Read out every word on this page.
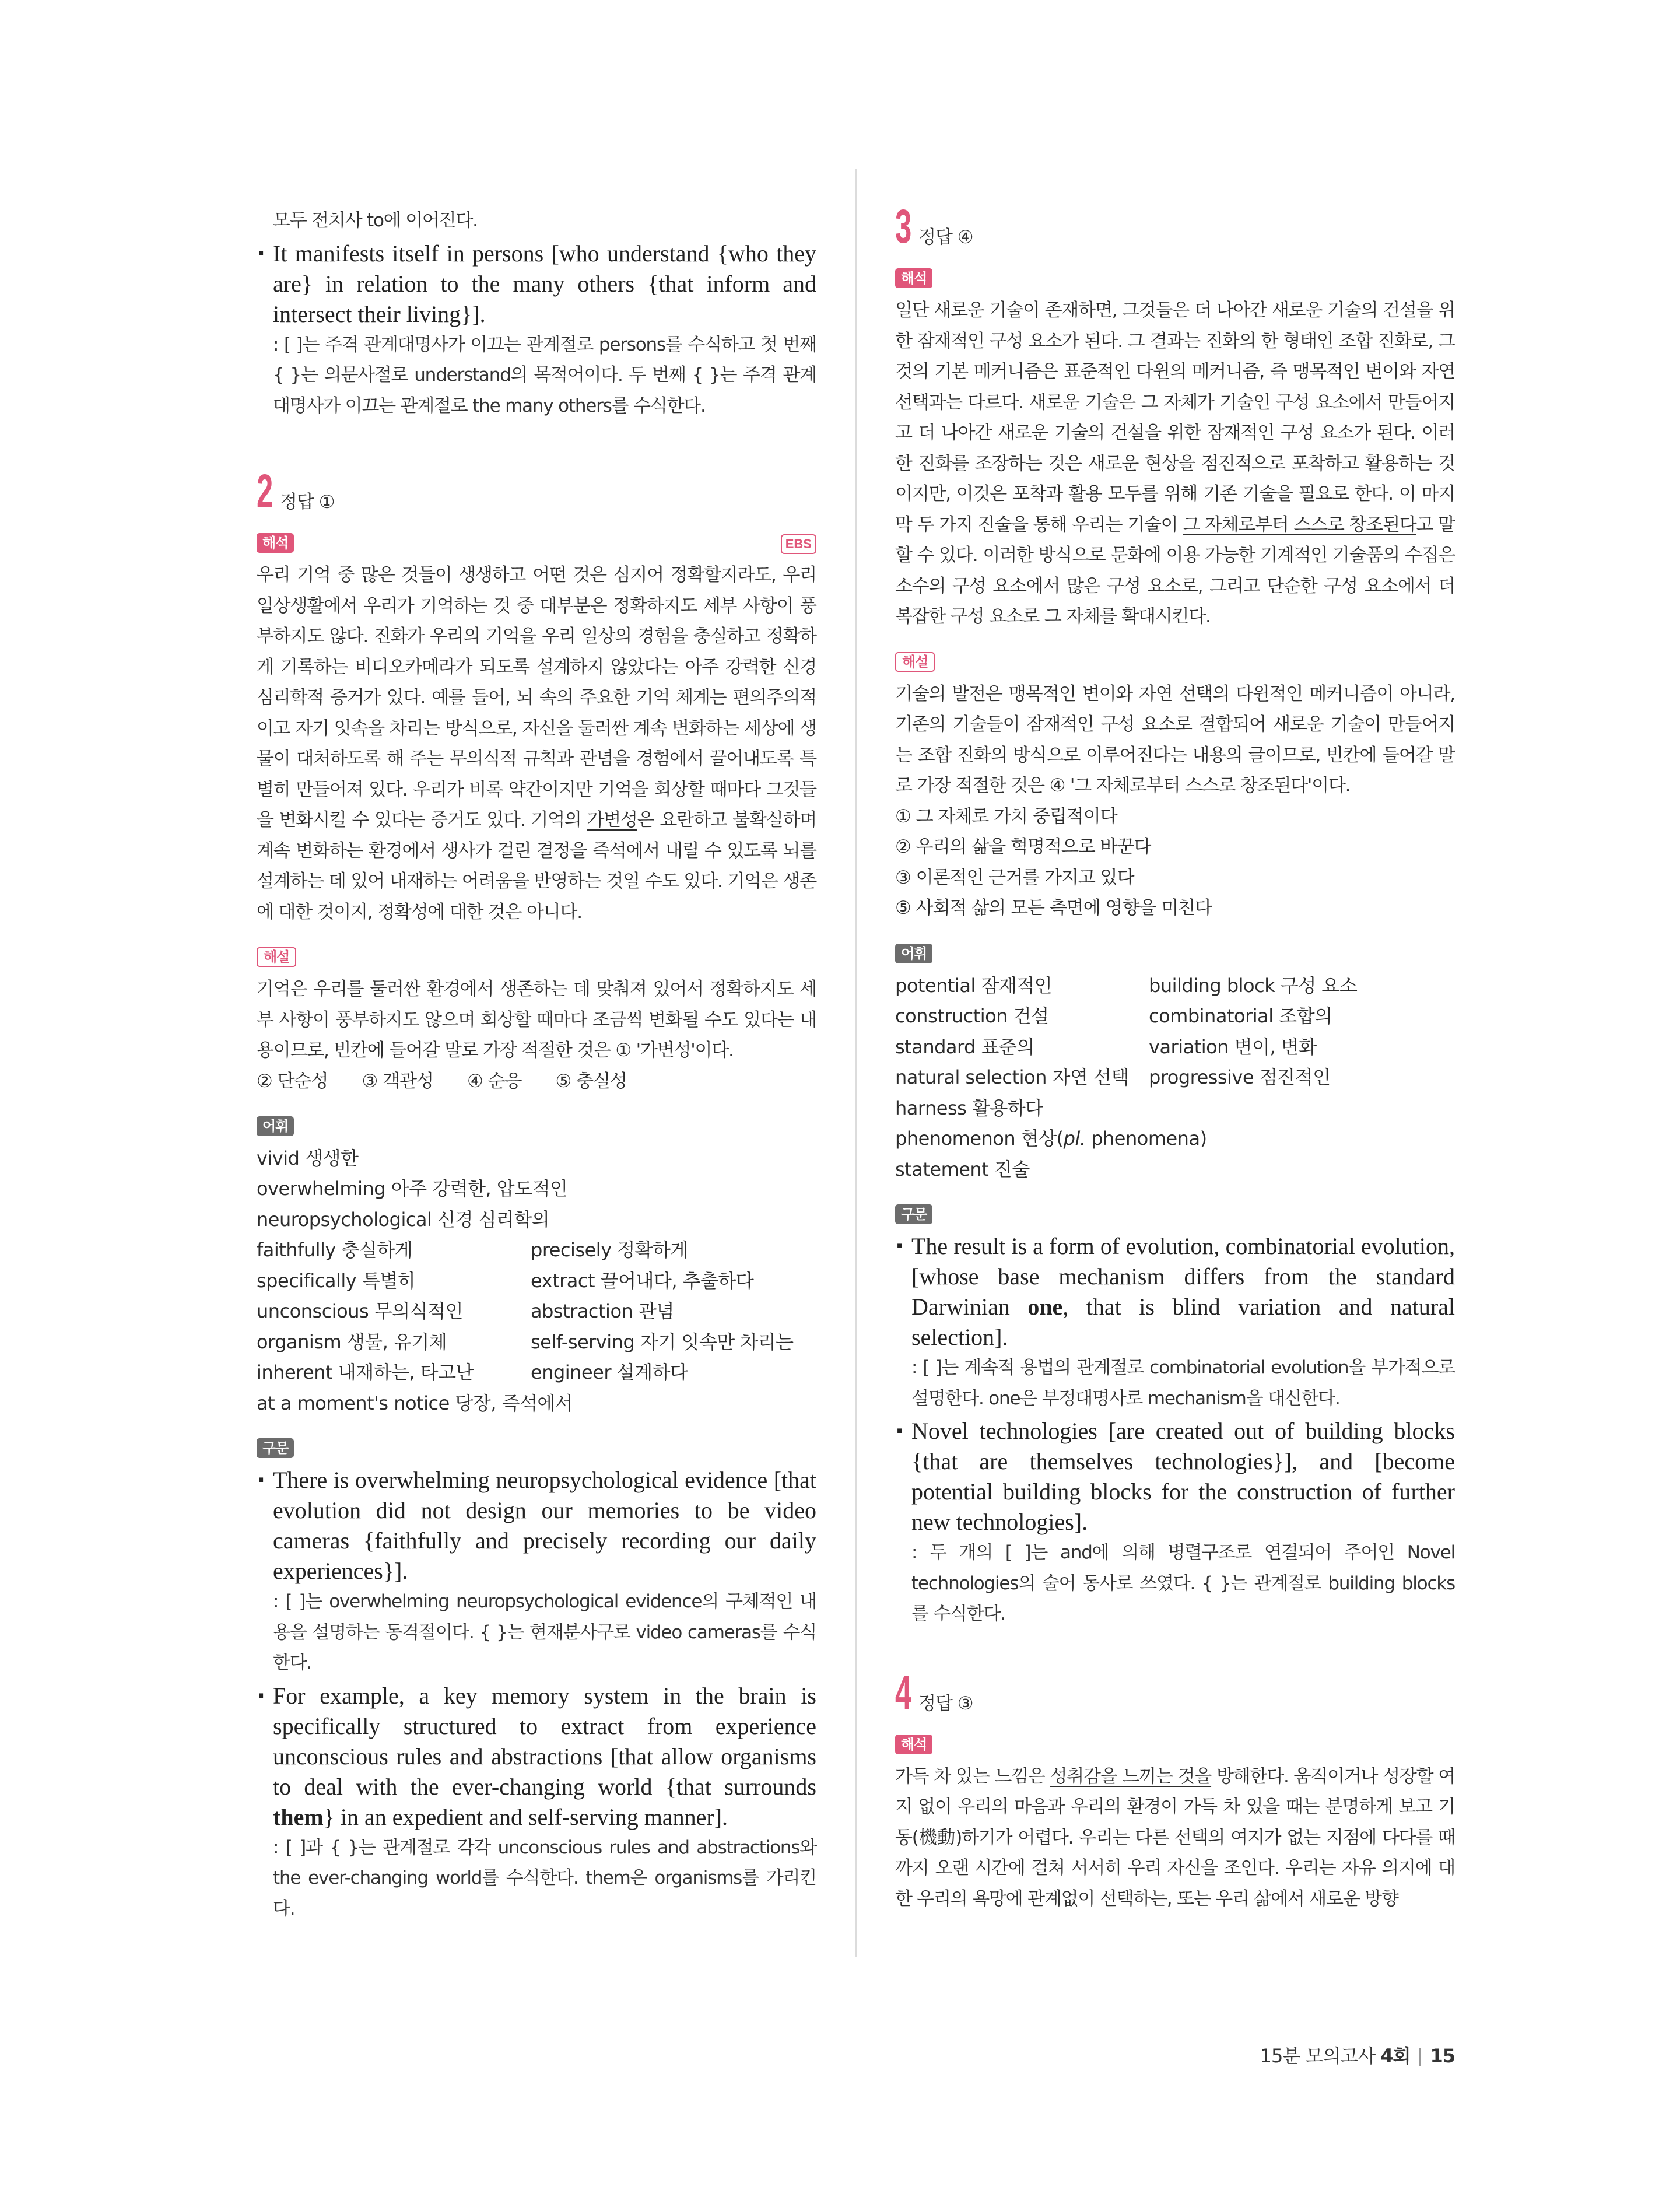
모두 전치사 to에 이어진다.
· It manifests itself in persons [who understand {who they are} in relation to the many others {that inform and intersect their living}].
: [ ]는 주격 관계대명사가 이끄는 관계절로 persons를 수식하고 첫 번째 { }는 의문사절로 understand의 목적어이다. 두 번째 { }는 주격 관계대명사가 이끄는 관계절로 the many others를 수식한다.
2 정답 ①
해석	EBS
우리 기억 중 많은 것들이 생생하고 어떤 것은 심지어 정확할지라도, 우리 일상생활에서 우리가 기억하는 것 중 대부분은 정확하지도 세부 사항이 풍부하지도 않다. 진화가 우리의 기억을 우리 일상의 경험을 충실하고 정확하게 기록하는 비디오카메라가 되도록 설계하지 않았다는 아주 강력한 신경 심리학적 증거가 있다. 예를 들어, 뇌 속의 주요한 기억 체계는 편의주의적이고 자기 잇속을 차리는 방식으로, 자신을 둘러싼 계속 변화하는 세상에 생물이 대처하도록 해 주는 무의식적 규칙과 관념을 경험에서 끌어내도록 특별히 만들어져 있다. 우리가 비록 약간이지만 기억을 회상할 때마다 그것들을 변화시킬 수 있다는 증거도 있다. 기억의 가변성은 요란하고 불확실하며 계속 변화하는 환경에서 생사가 걸린 결정을 즉석에서 내릴 수 있도록 뇌를 설계하는 데 있어 내재하는 어려움을 반영하는 것일 수도 있다. 기억은 생존에 대한 것이지, 정확성에 대한 것은 아니다.
해설
기억은 우리를 둘러싼 환경에서 생존하는 데 맞춰져 있어서 정확하지도 세부 사항이 풍부하지도 않으며 회상할 때마다 조금씩 변화될 수도 있다는 내용이므로, 빈칸에 들어갈 말로 가장 적절한 것은 ① '가변성'이다.
② 단순성 ③ 객관성 ④ 순응 ⑤ 충실성
어휘
vivid 생생한
overwhelming 아주 강력한, 압도적인
neuropsychological 신경 심리학의
faithfully 충실하게	precisely 정확하게
specifically 특별히	extract 끌어내다, 추출하다
unconscious 무의식적인	abstraction 관념
organism 생물, 유기체	self-serving 자기 잇속만 차리는
inherent 내재하는, 타고난	engineer 설계하다
at a moment's notice 당장, 즉석에서
구문
· There is overwhelming neuropsychological evidence [that evolution did not design our memories to be video cameras {faithfully and precisely recording our daily experiences}].
: [ ]는 overwhelming neuropsychological evidence의 구체적인 내용을 설명하는 동격절이다. { }는 현재분사구로 video cameras를 수식한다.
· For example, a key memory system in the brain is specifically structured to extract from experience unconscious rules and abstractions [that allow organisms to deal with the ever-changing world {that surrounds them} in an expedient and self-serving manner].
: [ ]과 { }는 관계절로 각각 unconscious rules and abstractions와 the ever-changing world를 수식한다. them은 organisms를 가리킨다.
3 정답 ④
해석
일단 새로운 기술이 존재하면, 그것들은 더 나아간 새로운 기술의 건설을 위한 잠재적인 구성 요소가 된다. 그 결과는 진화의 한 형태인 조합 진화로, 그것의 기본 메커니즘은 표준적인 다윈의 메커니즘, 즉 맹목적인 변이와 자연 선택과는 다르다. 새로운 기술은 그 자체가 기술인 구성 요소에서 만들어지고 더 나아간 새로운 기술의 건설을 위한 잠재적인 구성 요소가 된다. 이러한 진화를 조장하는 것은 새로운 현상을 점진적으로 포착하고 활용하는 것이지만, 이것은 포착과 활용 모두를 위해 기존 기술을 필요로 한다. 이 마지막 두 가지 진술을 통해 우리는 기술이 그 자체로부터 스스로 창조된다고 말할 수 있다. 이러한 방식으로 문화에 이용 가능한 기계적인 기술품의 수집은 소수의 구성 요소에서 많은 구성 요소로, 그리고 단순한 구성 요소에서 더 복잡한 구성 요소로 그 자체를 확대시킨다.
해설
기술의 발전은 맹목적인 변이와 자연 선택의 다윈적인 메커니즘이 아니라, 기존의 기술들이 잠재적인 구성 요소로 결합되어 새로운 기술이 만들어지는 조합 진화의 방식으로 이루어진다는 내용의 글이므로, 빈칸에 들어갈 말로 가장 적절한 것은 ④ '그 자체로부터 스스로 창조된다'이다.
① 그 자체로 가치 중립적이다
② 우리의 삶을 혁명적으로 바꾼다
③ 이론적인 근거를 가지고 있다
⑤ 사회적 삶의 모든 측면에 영향을 미친다
어휘
potential 잠재적인	building block 구성 요소
construction 건설	combinatorial 조합의
standard 표준의	variation 변이, 변화
natural selection 자연 선택	progressive 점진적인
harness 활용하다
phenomenon 현상(pl. phenomena)
statement 진술
구문
· The result is a form of evolution, combinatorial evolution, [whose base mechanism differs from the standard Darwinian one, that is blind variation and natural selection].
: [ ]는 계속적 용법의 관계절로 combinatorial evolution을 부가적으로 설명한다. one은 부정대명사로 mechanism을 대신한다.
· Novel technologies [are created out of building blocks {that are themselves technologies}], and [become potential building blocks for the construction of further new technologies].
: 두 개의 [ ]는 and에 의해 병렬구조로 연결되어 주어인 Novel technologies의 술어 동사로 쓰였다. { }는 관계절로 building blocks를 수식한다.
4 정답 ③
해석
가득 차 있는 느낌은 성취감을 느끼는 것을 방해한다. 움직이거나 성장할 여지 없이 우리의 마음과 우리의 환경이 가득 차 있을 때는 분명하게 보고 기동(機動)하기가 어렵다. 우리는 다른 선택의 여지가 없는 지점에 다다를 때까지 오랜 시간에 걸쳐 서서히 우리 자신을 조인다. 우리는 자유 의지에 대한 우리의 욕망에 관계없이 선택하는, 또는 우리 삶에서 새로운 방향
15분 모의고사 4회 15
